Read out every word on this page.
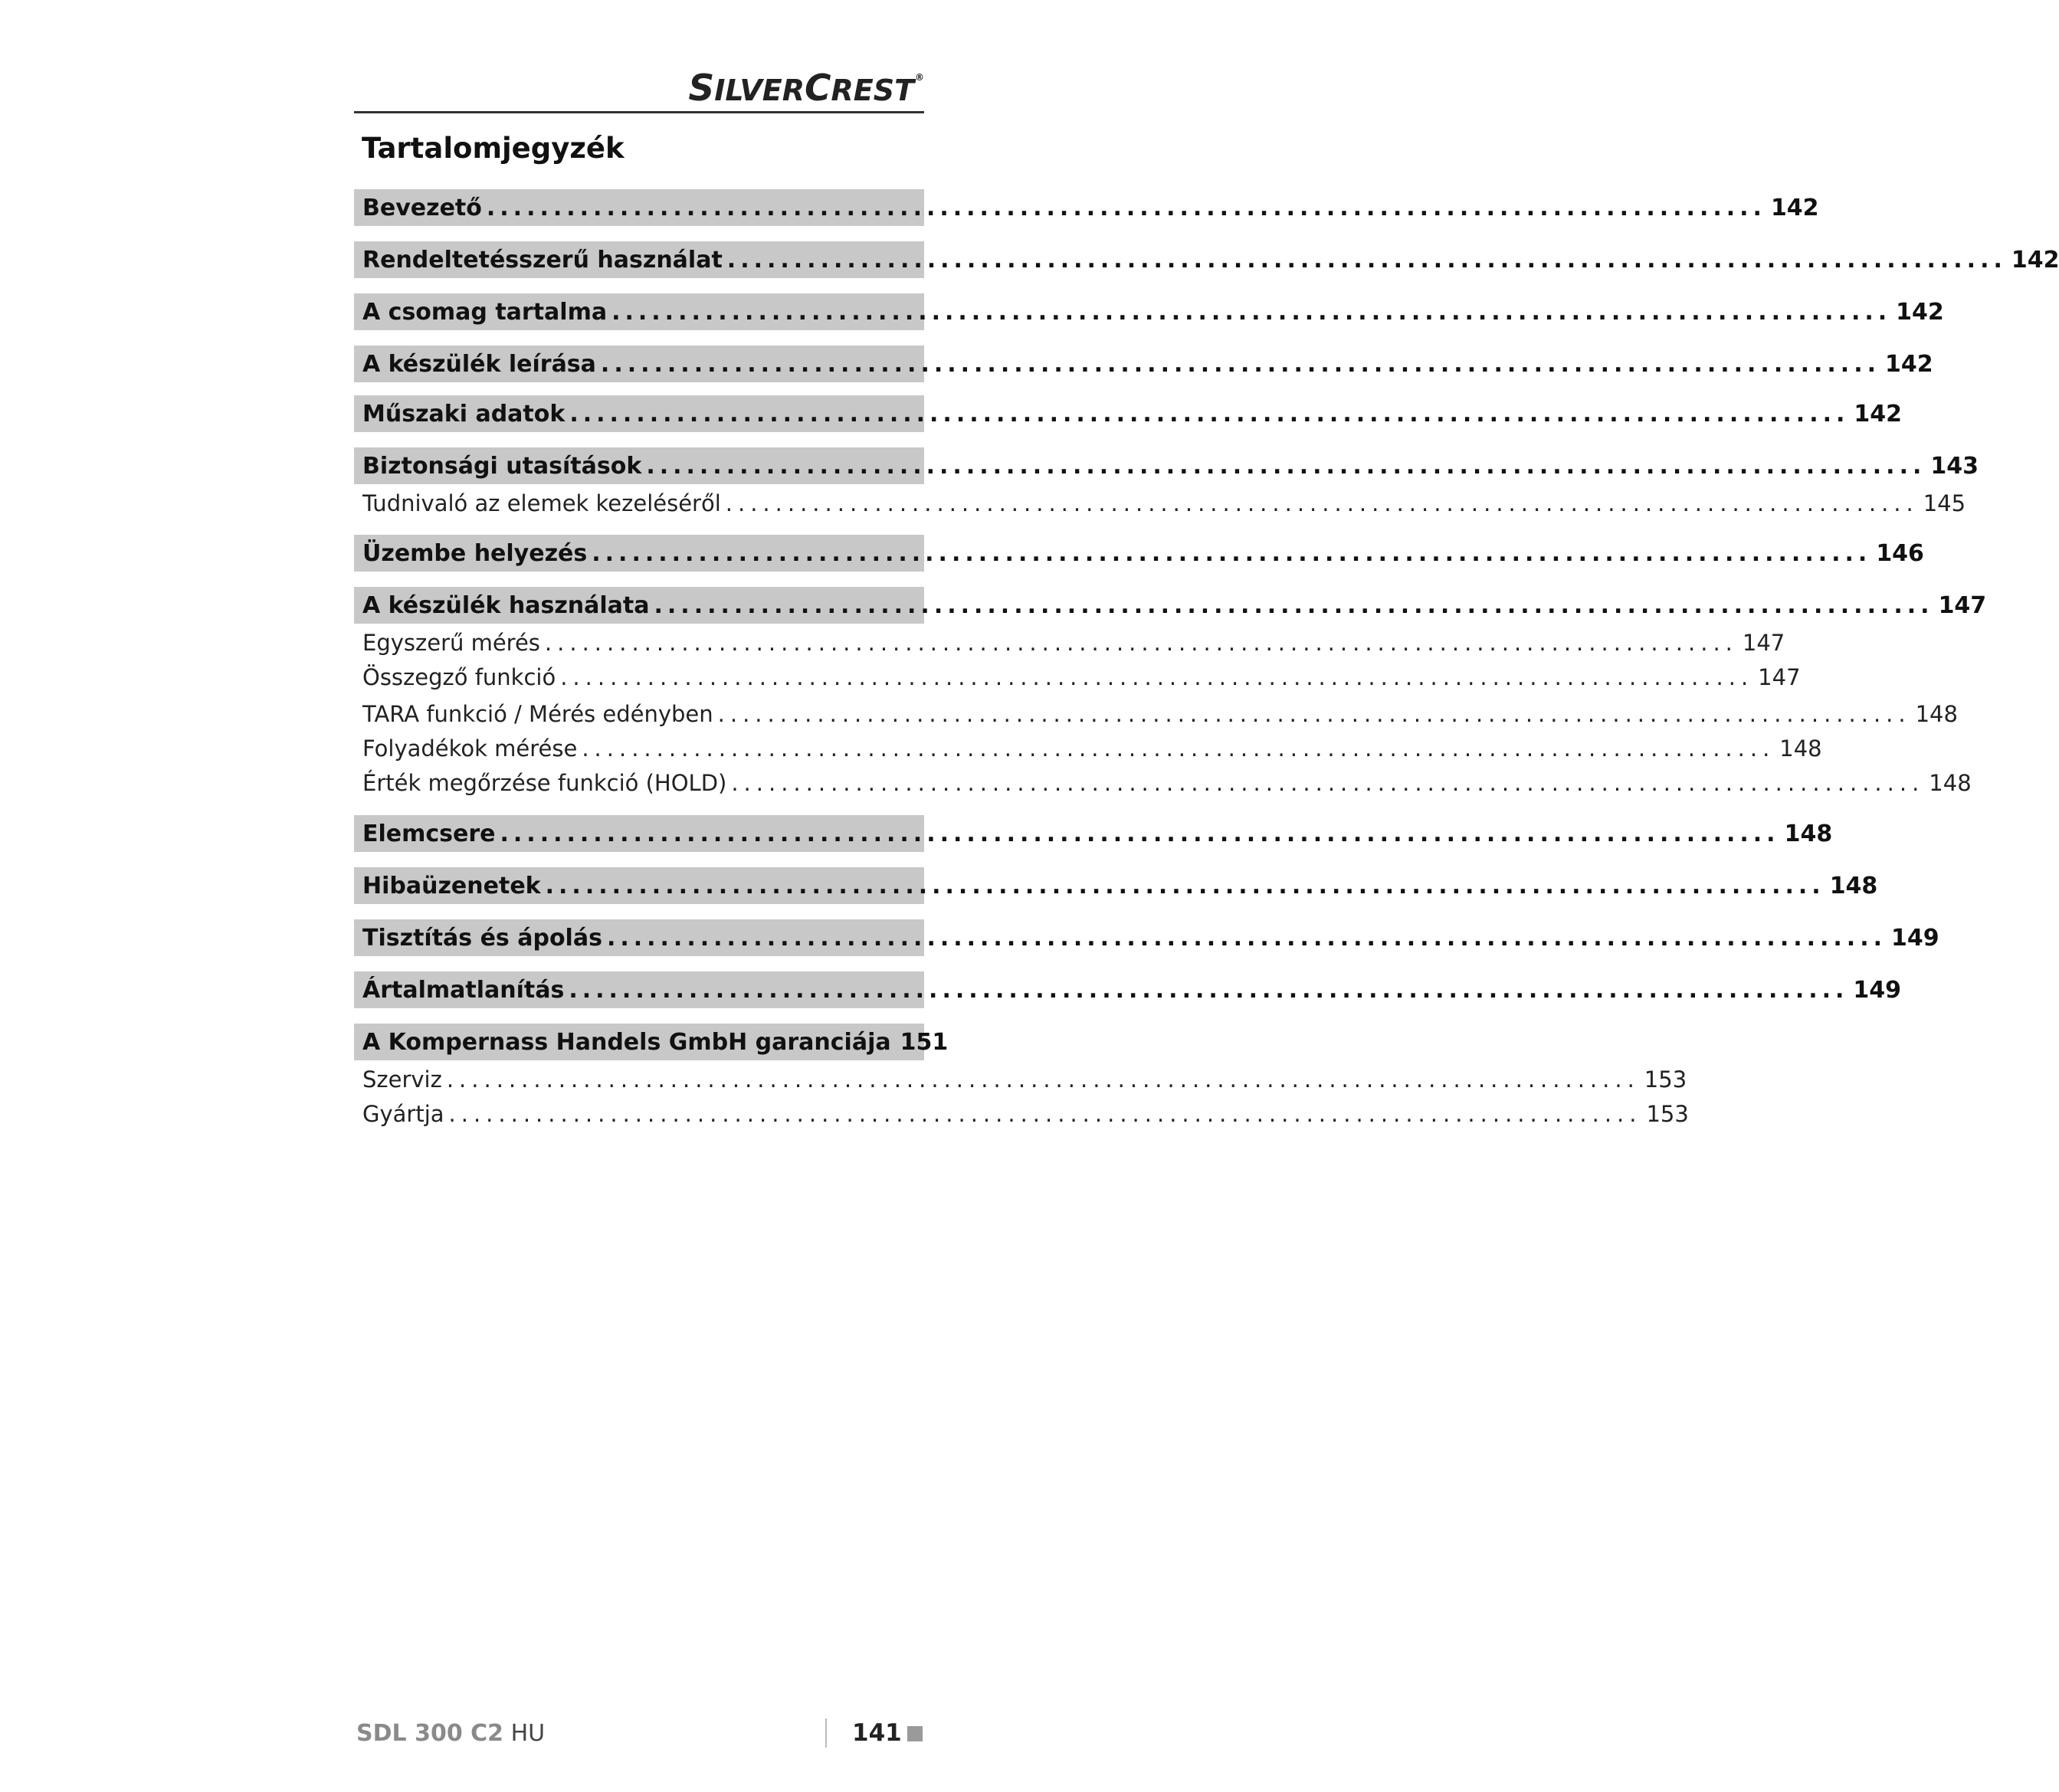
SILVERCREST®
Tartalomjegyzék
Bevezető .....	142
Rendeltetésszerű használat .....	142
A csomag tartalma .....	142
A készülék leírása .....	142
Műszaki adatok .....	142
Biztonsági utasítások .....	143
Tudnivaló az elemek kezeléséről .....	145
Üzembe helyezés .....	146
A készülék használata .....	147
Egyszerű mérés .....	147
Összegző funkció .....	147
TARA funkció / Mérés edényben .....	148
Folyadékok mérése .....	148
Érték megőrzése funkció (HOLD) .....	148
Elemcsere .....	148
Hibaüzenetek .....	148
Tisztítás és ápolás .....	149
Ártalmatlanítás .....	149
A Kompernass Handels GmbH garanciája 151
Szerviz .....	153
Gyártja .....	153
SDL 300 C2 HU	141
